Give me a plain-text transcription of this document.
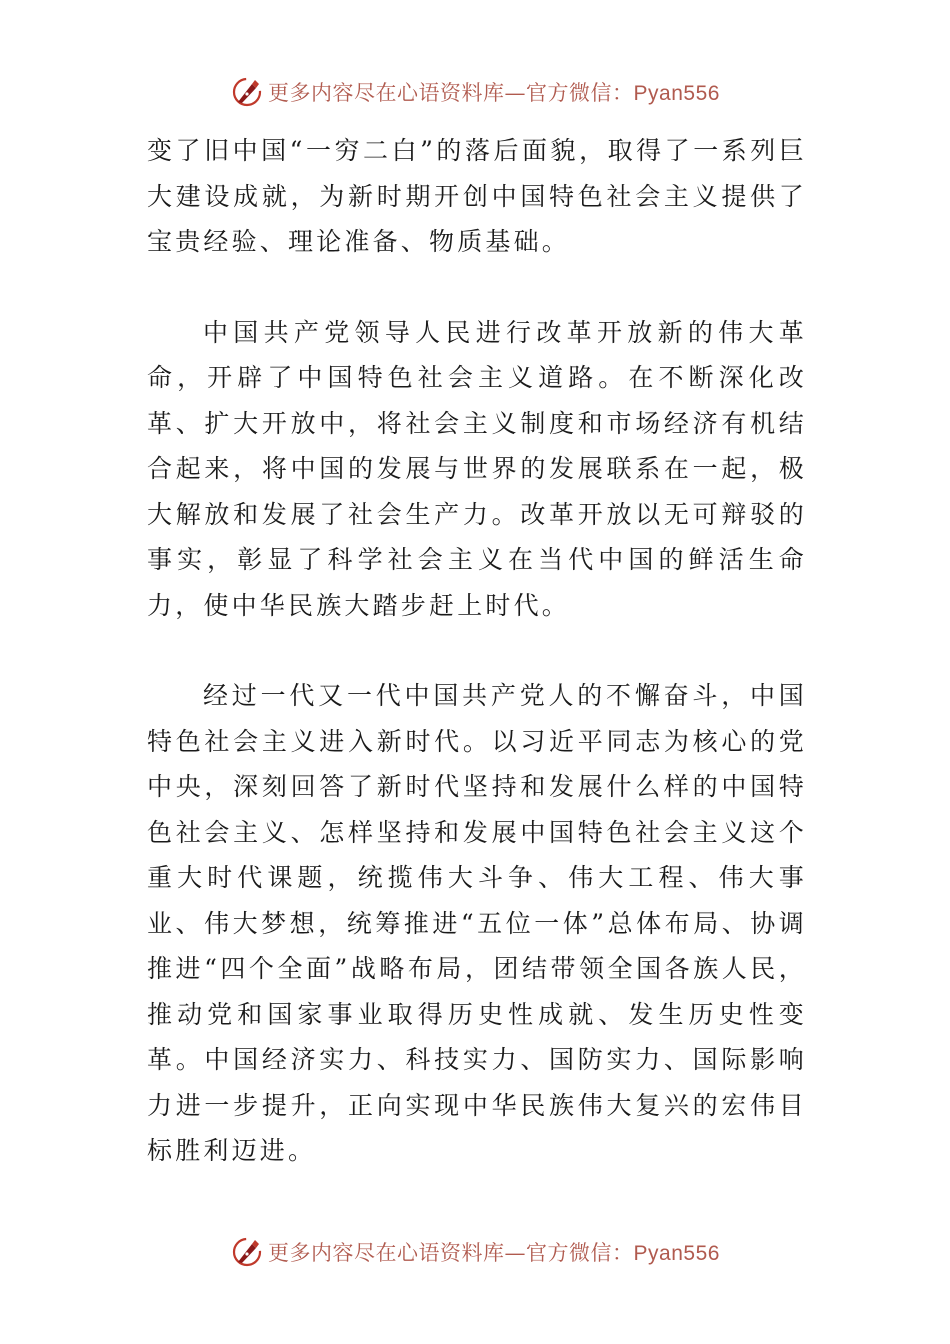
更多内容尽在心语资料库—官方微信：Pyan556

变了旧中国“一穷二白”的落后面貌，取得了一系列巨大建设成就，为新时期开创中国特色社会主义提供了宝贵经验、理论准备、物质基础。

中国共产党领导人民进行改革开放新的伟大革命，开辟了中国特色社会主义道路。在不断深化改革、扩大开放中，将社会主义制度和市场经济有机结合起来，将中国的发展与世界的发展联系在一起，极大解放和发展了社会生产力。改革开放以无可辩驳的事实，彰显了科学社会主义在当代中国的鲜活生命力，使中华民族大踏步赶上时代。

经过一代又一代中国共产党人的不懈奋斗，中国特色社会主义进入新时代。以习近平同志为核心的党中央，深刻回答了新时代坚持和发展什么样的中国特色社会主义、怎样坚持和发展中国特色社会主义这个重大时代课题，统揽伟大斗争、伟大工程、伟大事业、伟大梦想，统筹推进“五位一体”总体布局、协调推进“四个全面”战略布局，团结带领全国各族人民，推动党和国家事业取得历史性成就、发生历史性变革。中国经济实力、科技实力、国防实力、国际影响力进一步提升，正向实现中华民族伟大复兴的宏伟目标胜利迈进。

更多内容尽在心语资料库—官方微信：Pyan556
